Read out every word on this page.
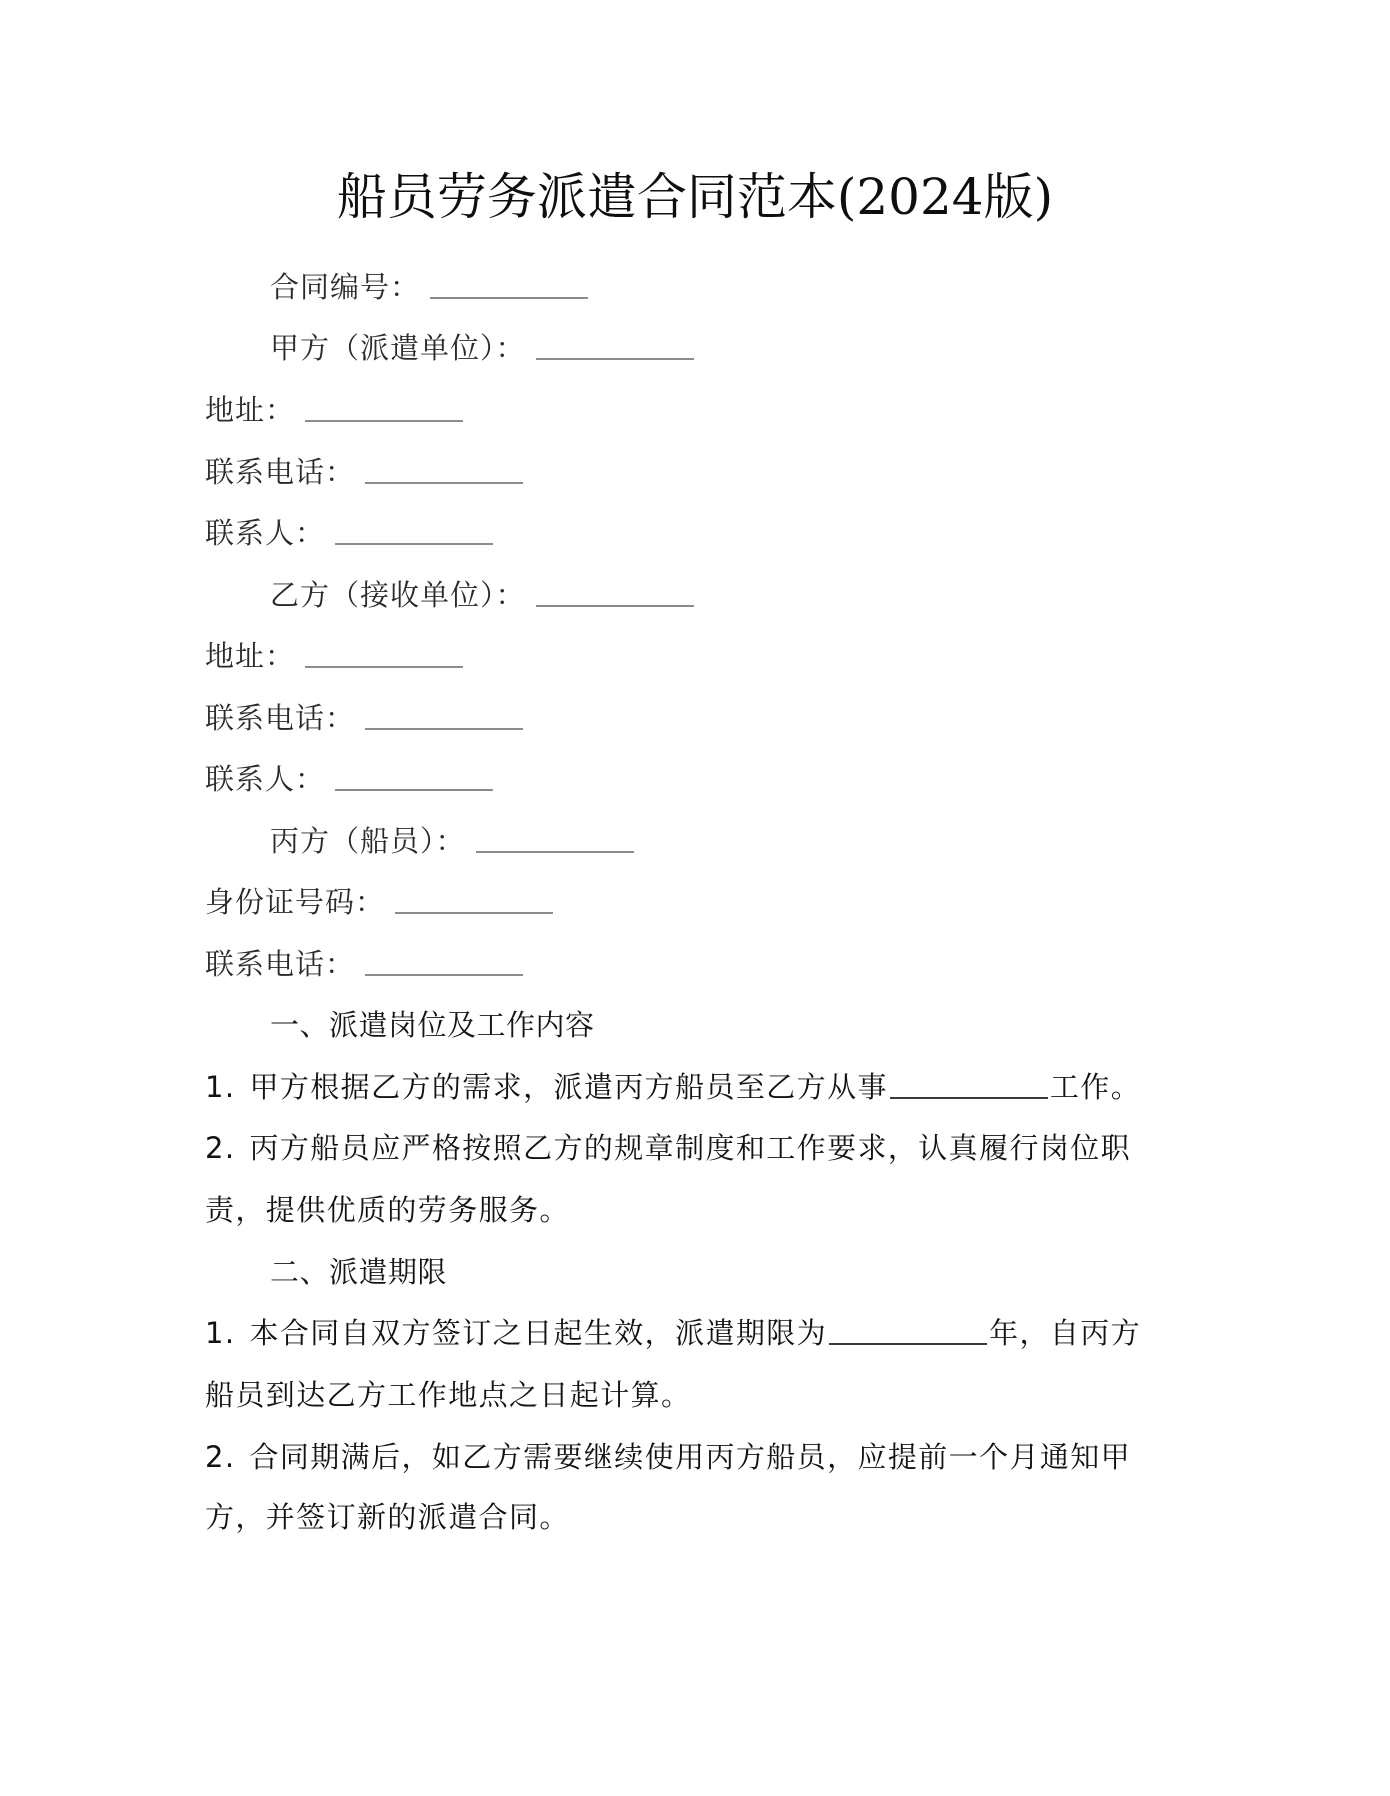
船员劳务派遣合同范本(2024版)
合同编号：
甲方（派遣单位）：
地址：
联系电话：
联系人：
乙方（接收单位）：
地址：
联系电话：
联系人：
丙方（船员）：
身份证号码：
联系电话：
一、派遣岗位及工作内容
1. 甲方根据乙方的需求，派遣丙方船员至乙方从事	工作。
2. 丙方船员应严格按照乙方的规章制度和工作要求，认真履行岗位职
责，提供优质的劳务服务。
二、派遣期限
1. 本合同自双方签订之日起生效，派遣期限为	年，自丙方
船员到达乙方工作地点之日起计算。
2. 合同期满后，如乙方需要继续使用丙方船员，应提前一个月通知甲
方，并签订新的派遣合同。
